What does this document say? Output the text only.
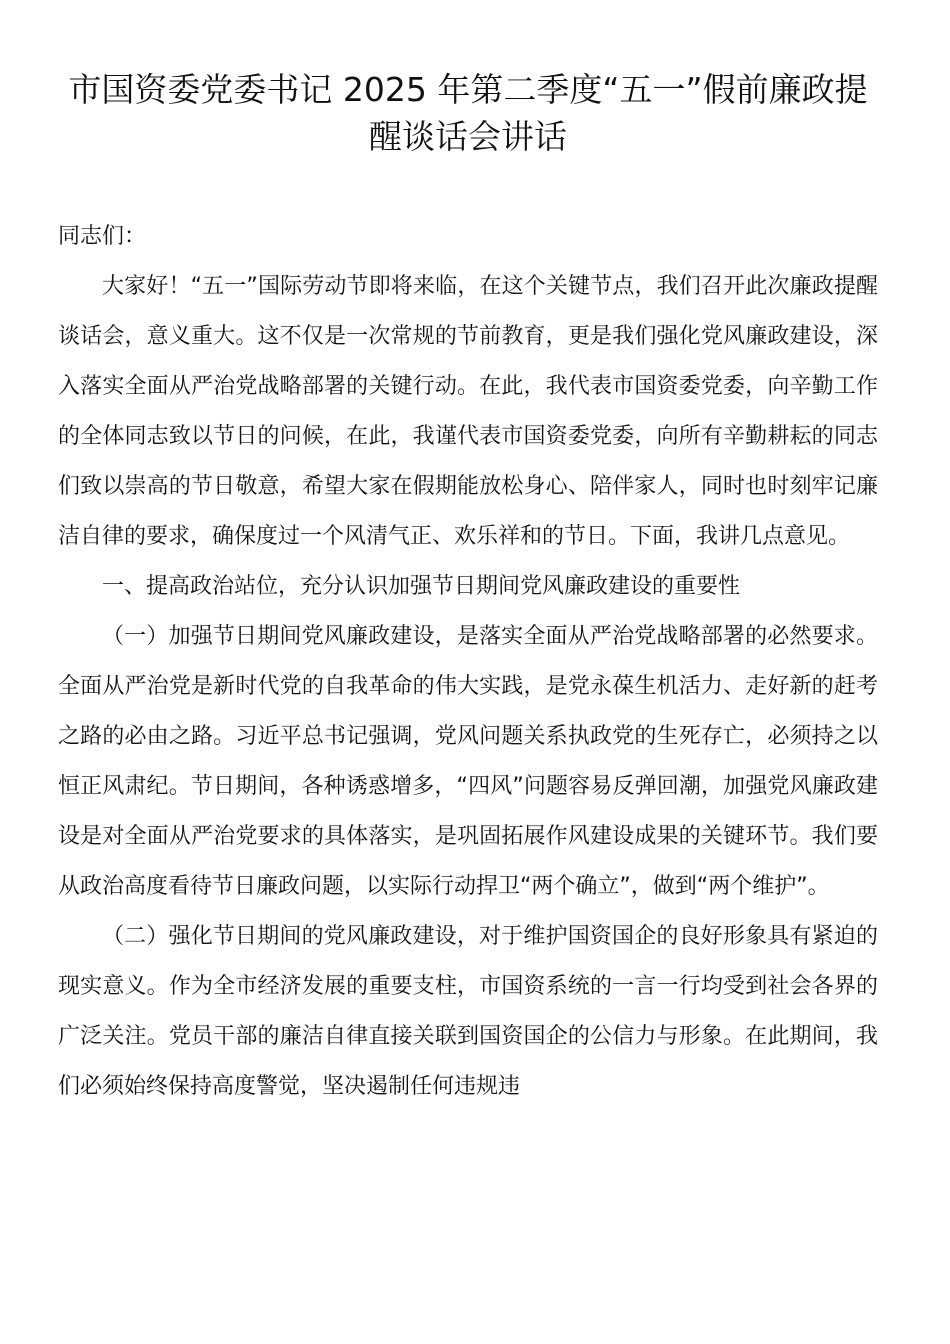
市国资委党委书记 2025 年第二季度“五一”假前廉政提醒谈话会讲话

同志们：

大家好！“五一”国际劳动节即将来临，在这个关键节点，我们召开此次廉政提醒谈话会，意义重大。这不仅是一次常规的节前教育，更是我们强化党风廉政建设，深入落实全面从严治党战略部署的关键行动。在此，我代表市国资委党委，向辛勤工作的全体同志致以节日的问候，在此，我谨代表市国资委党委，向所有辛勤耕耘的同志们致以崇高的节日敬意，希望大家在假期能放松身心、陪伴家人，同时也时刻牢记廉洁自律的要求，确保度过一个风清气正、欢乐祥和的节日。下面，我讲几点意见。

一、提高政治站位，充分认识加强节日期间党风廉政建设的重要性

（一）加强节日期间党风廉政建设，是落实全面从严治党战略部署的必然要求。全面从严治党是新时代党的自我革命的伟大实践，是党永葆生机活力、走好新的赶考之路的必由之路。习近平总书记强调，党风问题关系执政党的生死存亡，必须持之以恒正风肃纪。节日期间，各种诱惑增多，“四风”问题容易反弹回潮，加强党风廉政建设是对全面从严治党要求的具体落实，是巩固拓展作风建设成果的关键环节。我们要从政治高度看待节日廉政问题，以实际行动捍卫“两个确立”，做到“两个维护”。

（二）强化节日期间的党风廉政建设，对于维护国资国企的良好形象具有紧迫的现实意义。作为全市经济发展的重要支柱，市国资系统的一言一行均受到社会各界的广泛关注。党员干部的廉洁自律直接关联到国资国企的公信力与形象。在此期间，我们必须始终保持高度警觉，坚决遏制任何违规违
